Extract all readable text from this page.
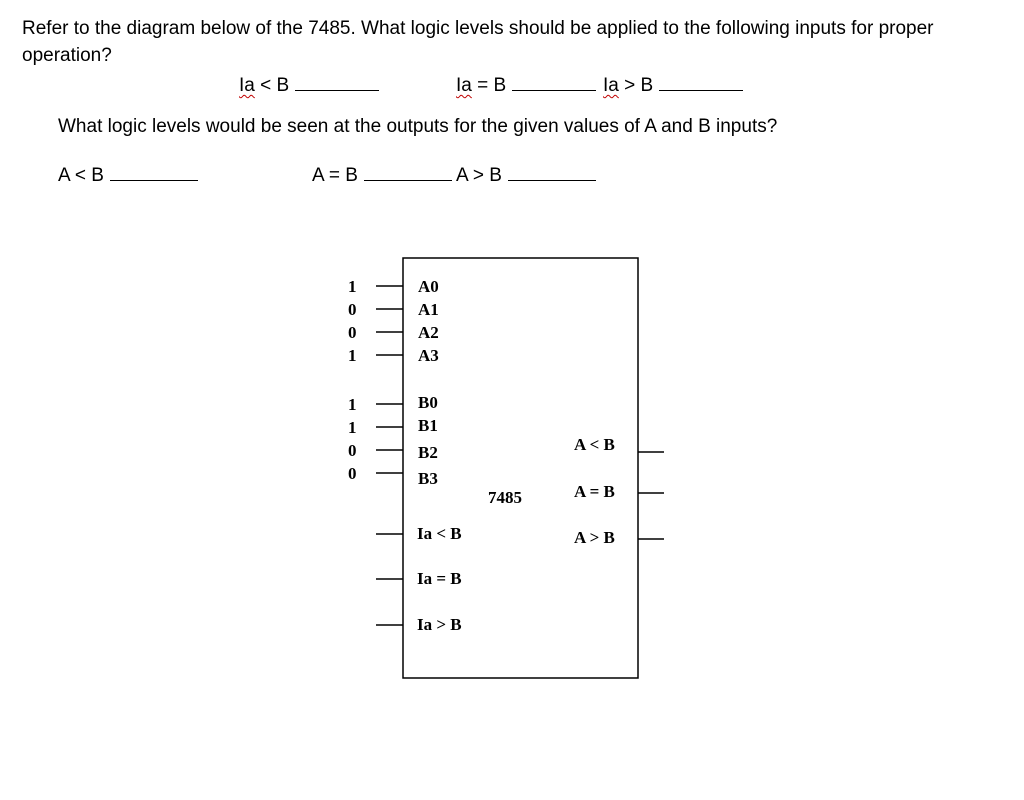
Refer to the diagram below of the 7485. What logic levels should be applied to the following inputs for proper operation?
Ia < B	Ia = B	Ia > B
What logic levels would be seen at the outputs for the given values of A and B inputs?
A < B	A = B	A > B
1	A0
0	A1
0	A2
1	A3
1	B0
1	B1
0	B2
0	B3
Ia < B
Ia = B
Ia > B
7485
A < B
A = B
A > B
